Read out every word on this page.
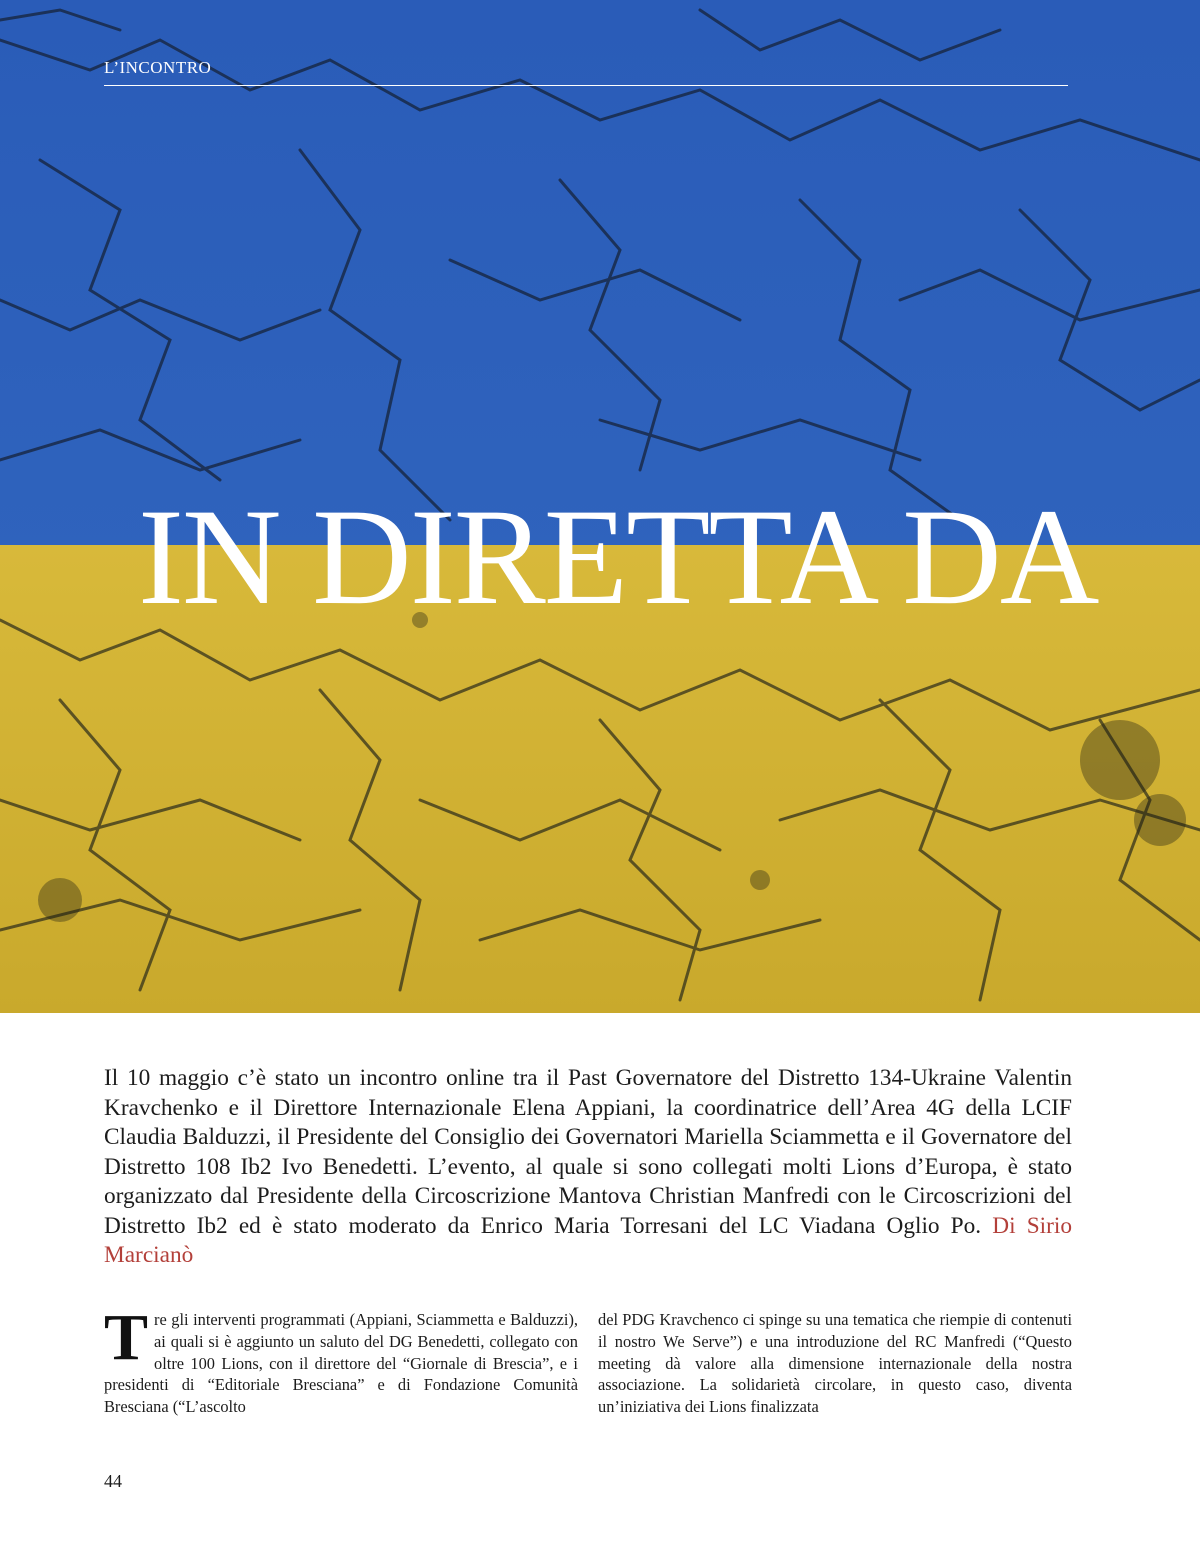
L’INCONTRO
IN DIRETTA DA

Il 10 maggio c’è stato un incontro online tra il Past Governatore del Distretto 134-Ukraine Valentin Kravchenko e il Direttore Internazionale Elena Appiani, la coordinatrice dell’Area 4G della LCIF Claudia Balduzzi, il Presidente del Consiglio dei Governatori Mariella Sciammetta e il Governatore del Distretto 108 Ib2 Ivo Benedetti. L’evento, al quale si sono collegati molti Lions d’Europa, è stato organizzato dal Presidente della Circoscrizione Mantova Christian Manfredi con le Circoscrizioni del Distretto Ib2 ed è stato moderato da Enrico Maria Torresani del LC Viadana Oglio Po. Di Sirio Marcianò

Tre gli interventi programmati (Appiani, Sciammetta e Balduzzi), ai quali si è aggiunto un saluto del DG Benedetti, collegato con oltre 100 Lions, con il direttore del “Giornale di Brescia”, e i presidenti di “Editoriale Bresciana” e di Fondazione Comunità Bresciana (“L’ascolto
del PDG Kravchenco ci spinge su una tematica che riempie di contenuti il nostro We Serve”) e una introduzione del RC Manfredi (“Questo meeting dà valore alla dimensione internazionale della nostra associazione. La solidarietà circolare, in questo caso, diventa un’iniziativa dei Lions finalizzata
44
